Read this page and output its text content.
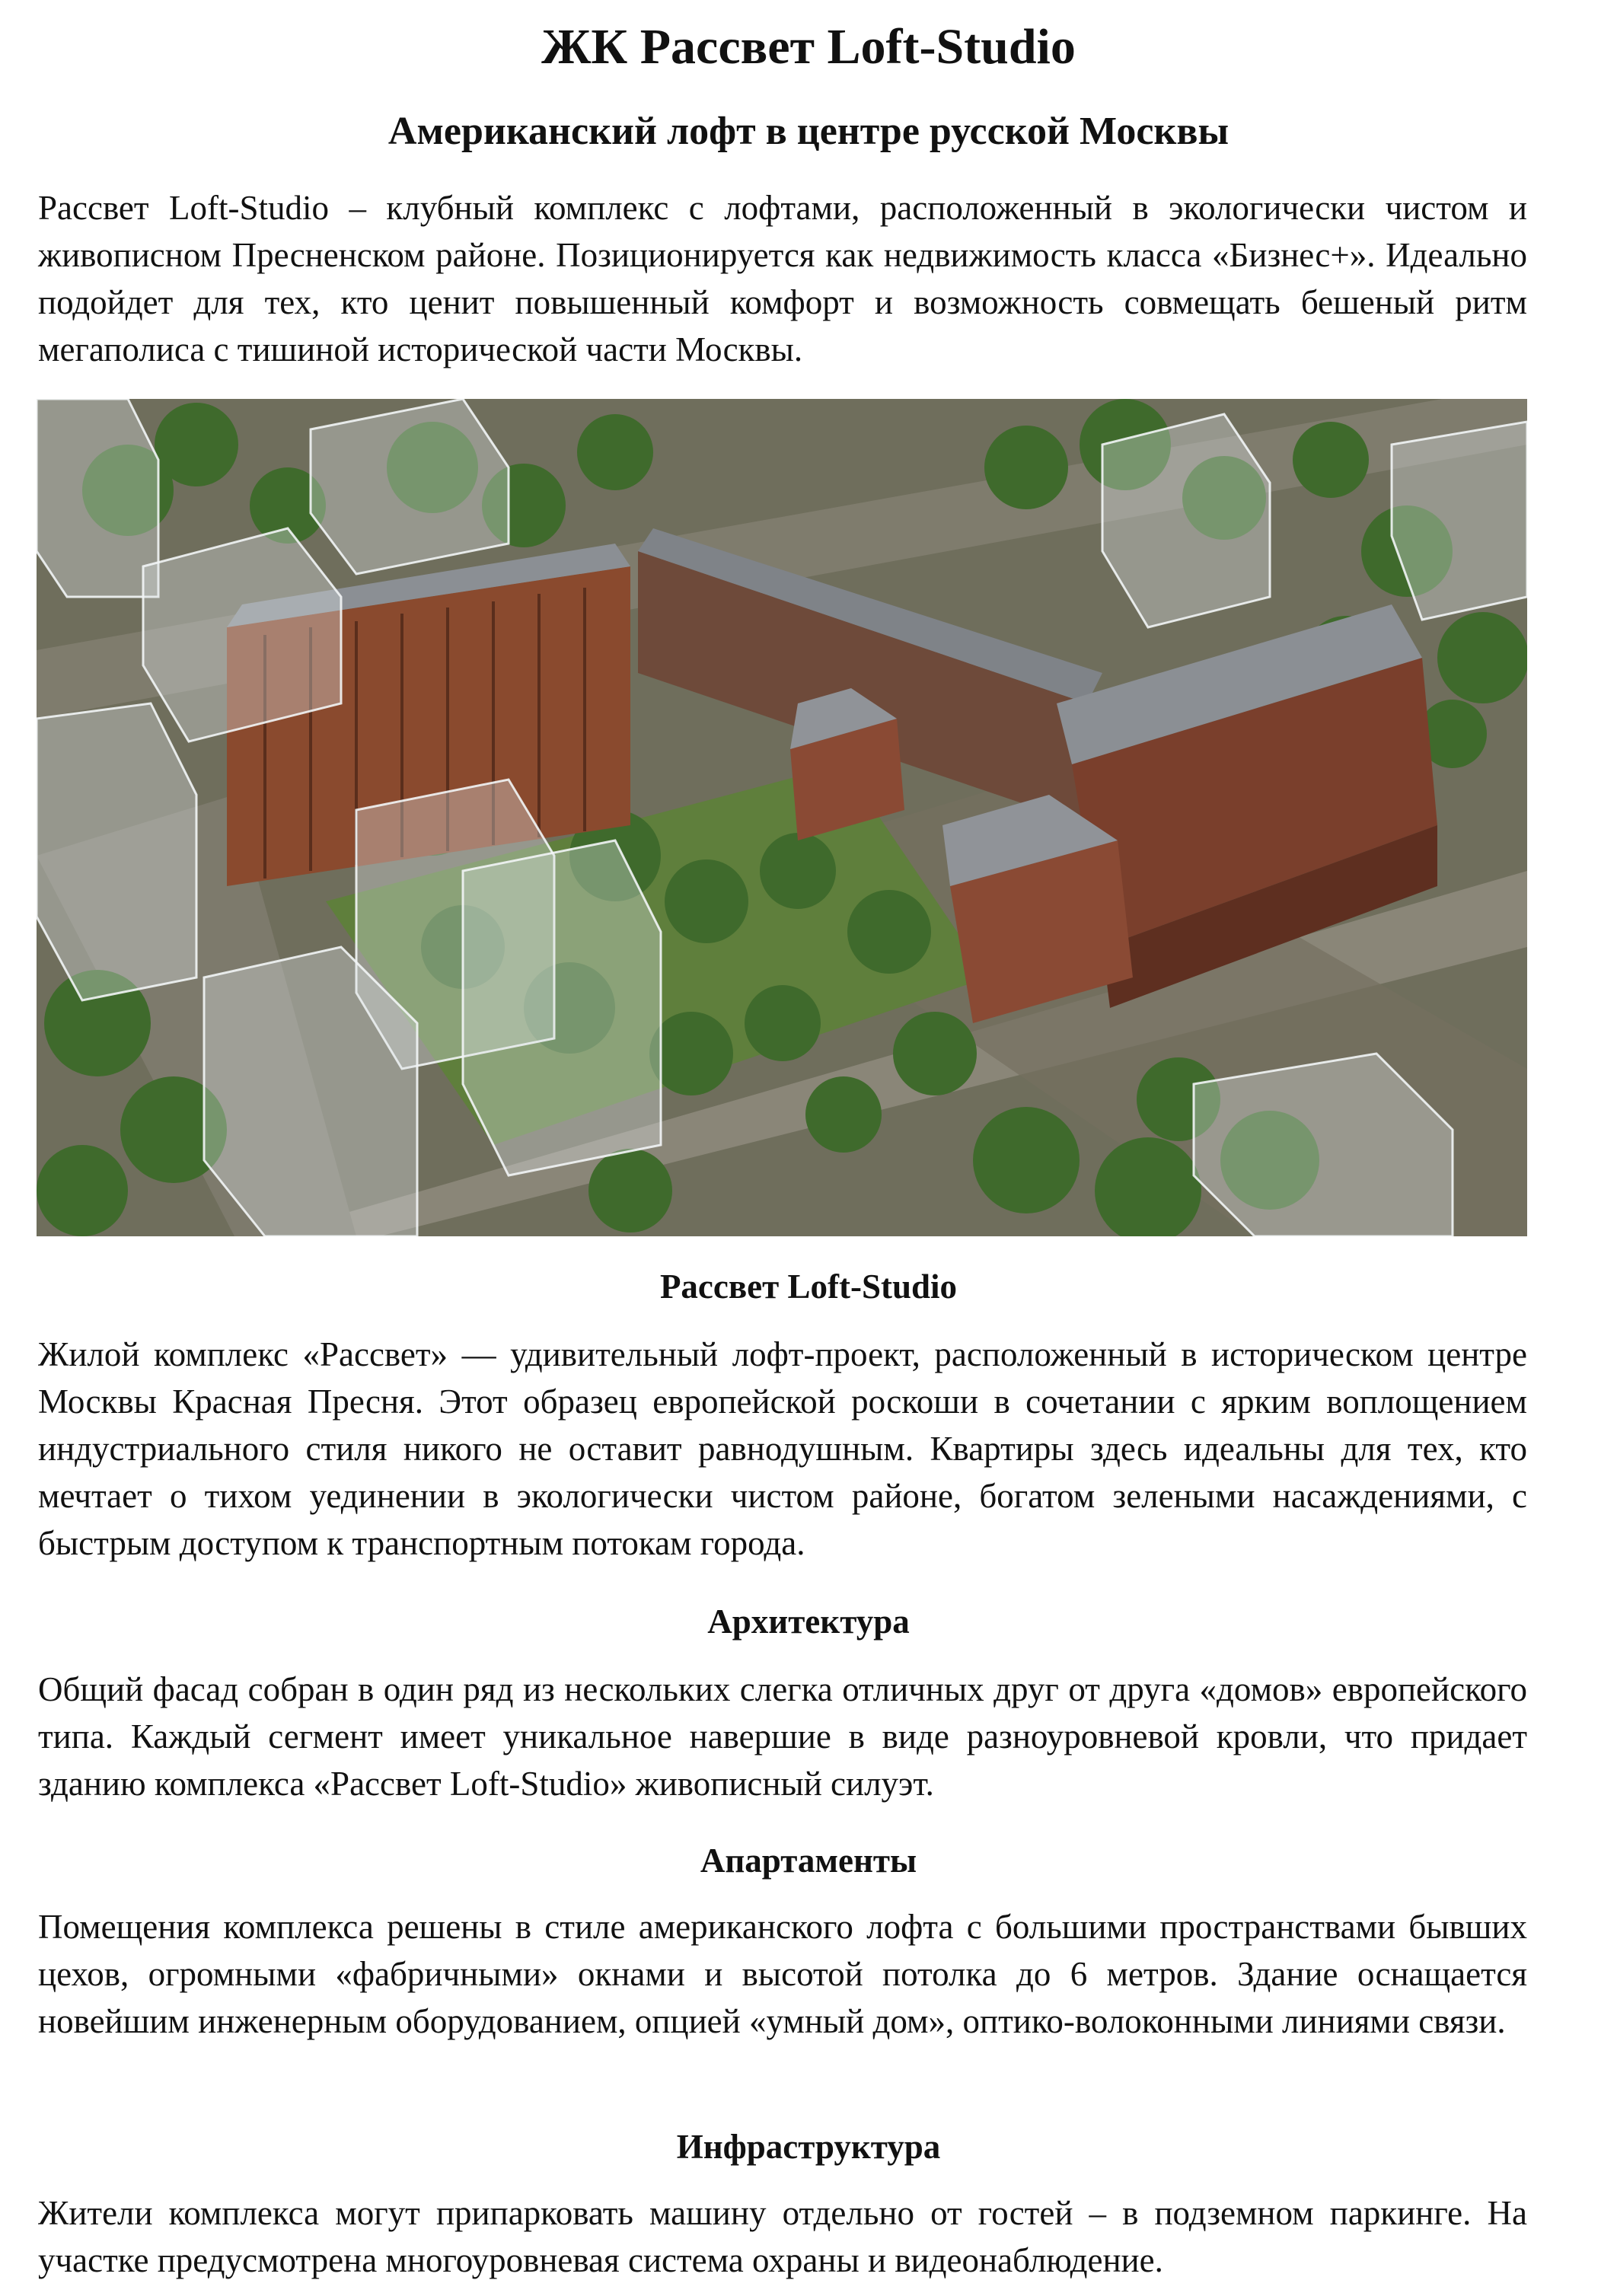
ЖК Рассвет Loft-Studio
Американский лофт в центре русской Москвы

Рассвет Loft-Studio – клубный комплекс с лофтами, расположенный в экологически чистом и живописном Пресненском районе. Позиционируется как недвижимость класса «Бизнес+». Идеально подойдет для тех, кто ценит повышенный комфорт и возможность совмещать бешеный ритм мегаполиса с тишиной исторической части Москвы.

Рассвет Loft-Studio

Жилой комплекс «Рассвет» — удивительный лофт-проект, расположенный в историческом центре Москвы Красная Пресня. Этот образец европейской роскоши в сочетании с ярким воплощением индустриального стиля никого не оставит равнодушным. Квартиры здесь идеальны для тех, кто мечтает о тихом уединении в экологически чистом районе, богатом зелеными насаждениями, с быстрым доступом к транспортным потокам города.

Архитектура

Общий фасад собран в один ряд из нескольких слегка отличных друг от друга «домов» европейского типа. Каждый сегмент имеет уникальное навершие в виде разноуровневой кровли, что придает зданию комплекса «Рассвет Loft-Studio» живописный силуэт.

Апартаменты

Помещения комплекса решены в стиле американского лофта с большими пространствами бывших цехов, огромными «фабричными» окнами и высотой потолка до 6 метров. Здание оснащается новейшим инженерным оборудованием, опцией «умный дом», оптико-волоконными линиями связи.

Инфраструктура

Жители комплекса могут припарковать машину отдельно от гостей – в подземном паркинге. На участке предусмотрена многоуровневая система охраны и видеонаблюдение.
